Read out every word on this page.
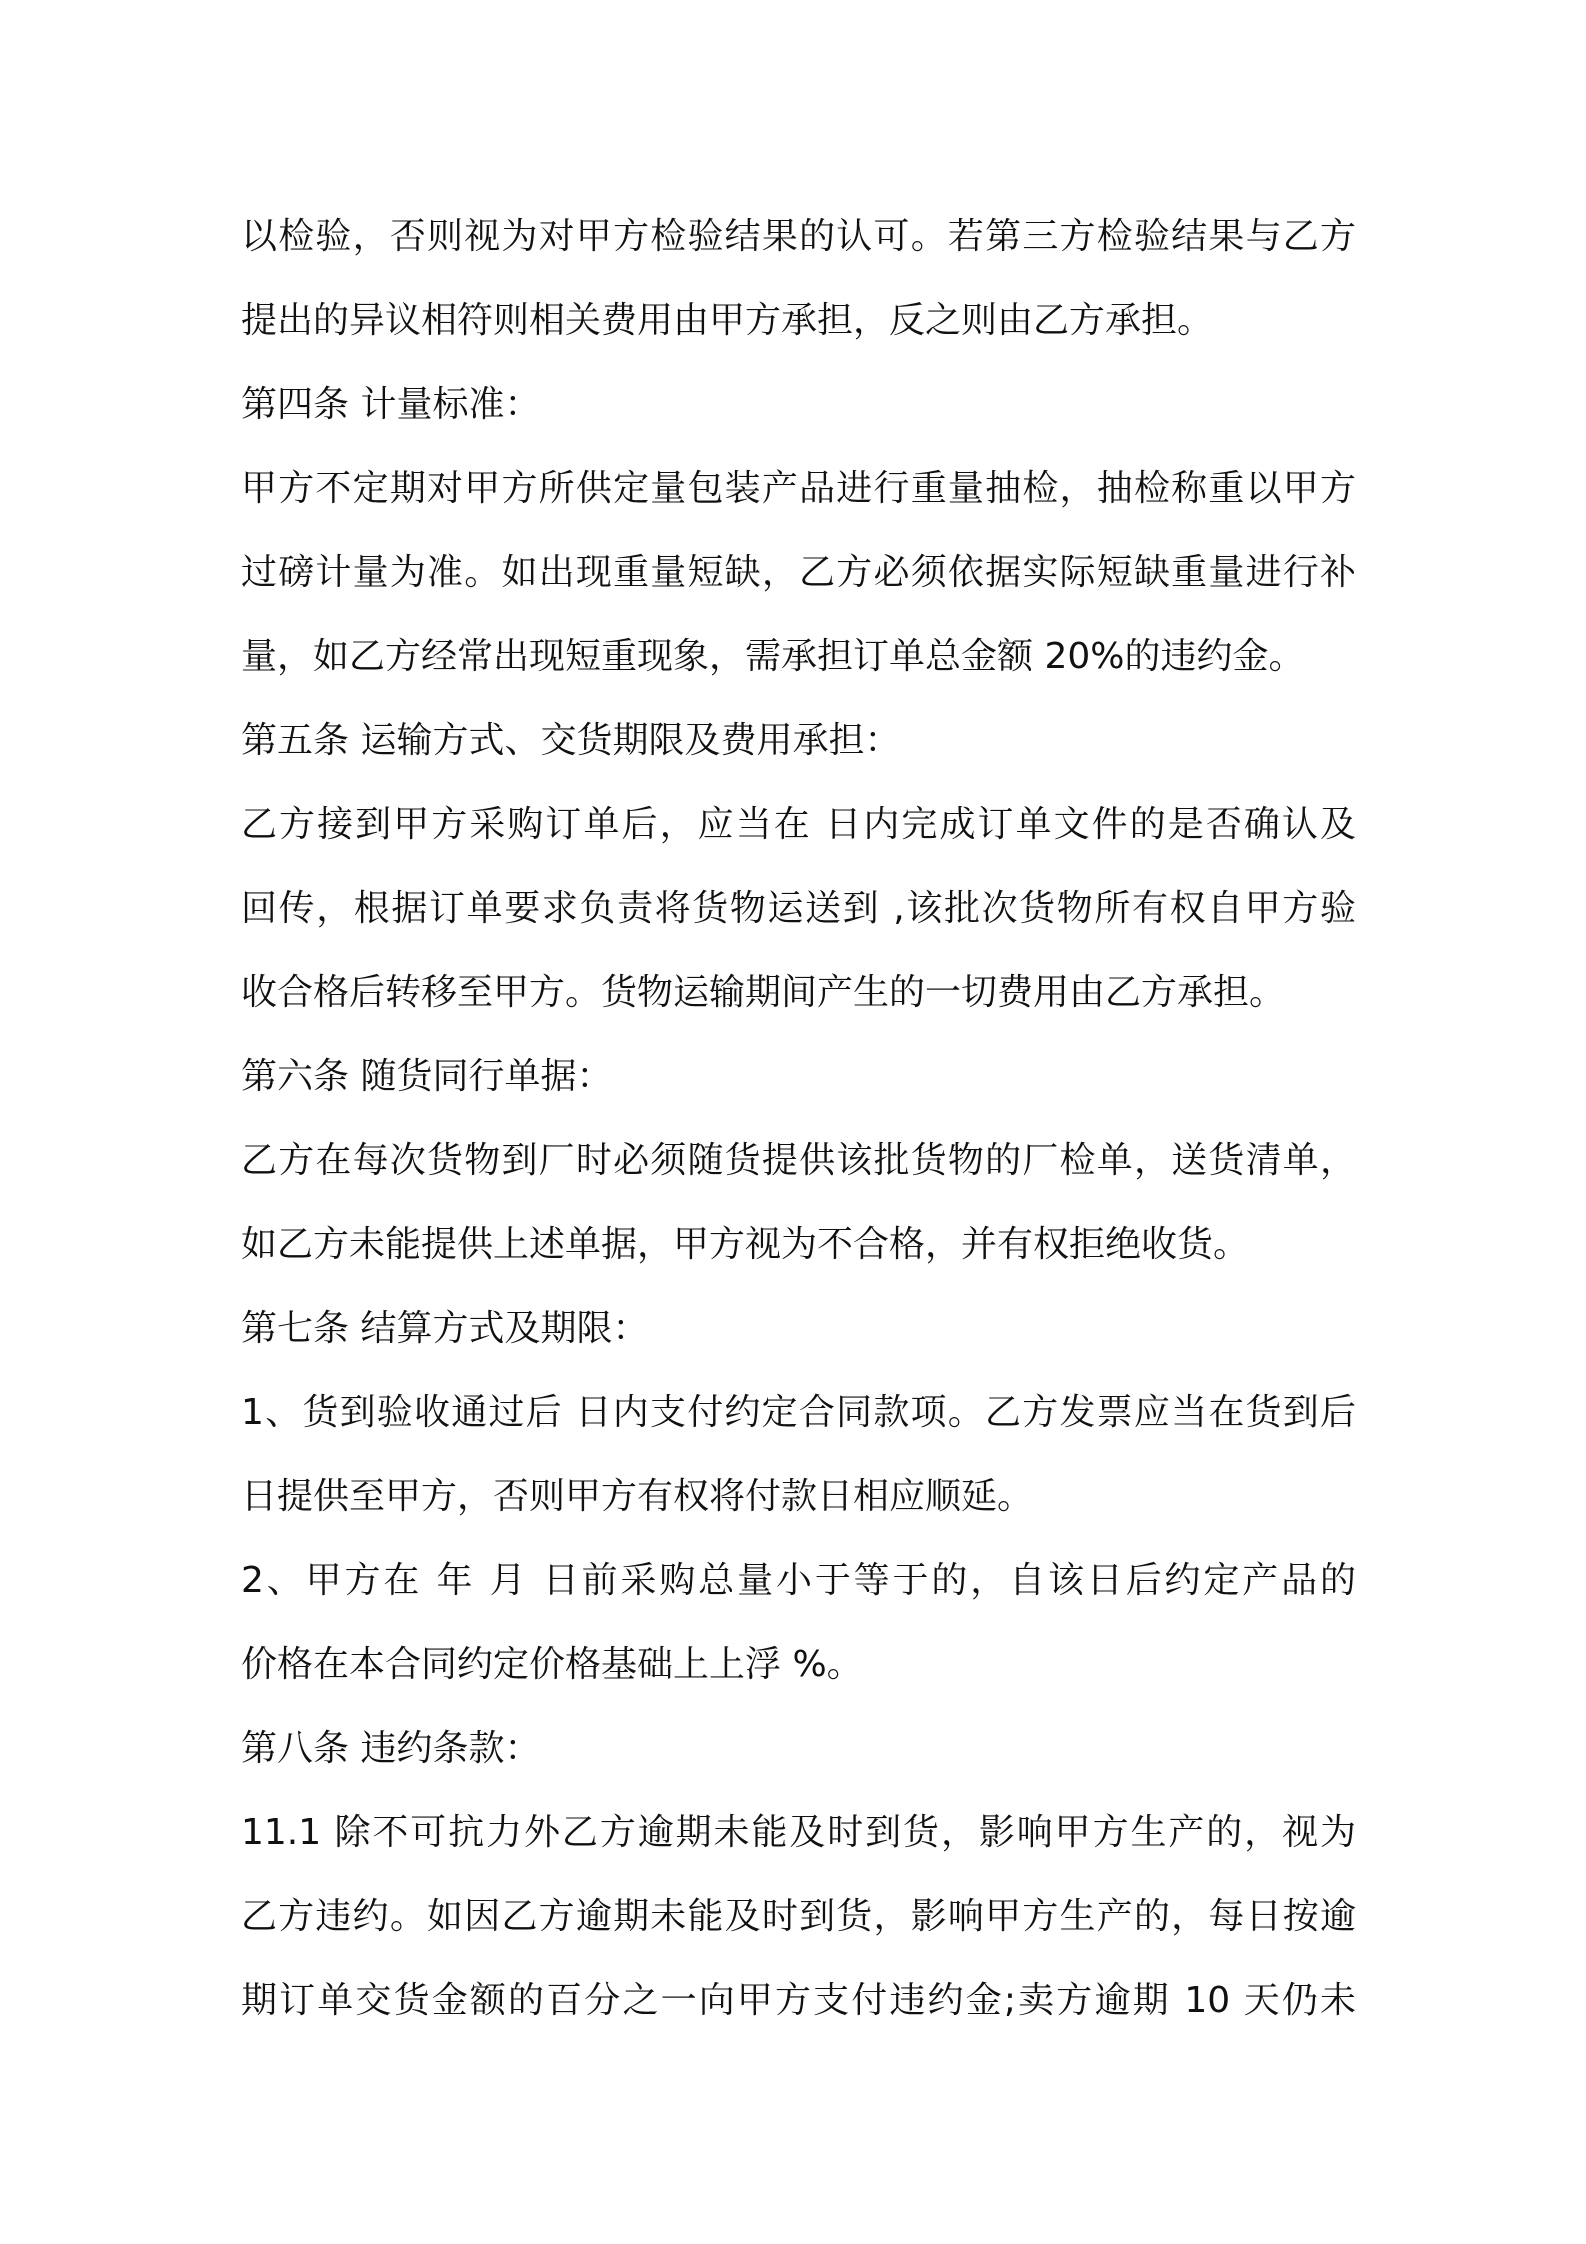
以检验，否则视为对甲方检验结果的认可。若第三方检验结果与乙方
提出的异议相符则相关费用由甲方承担，反之则由乙方承担。
第四条 计量标准：
甲方不定期对甲方所供定量包装产品进行重量抽检，抽检称重以甲方
过磅计量为准。如出现重量短缺，乙方必须依据实际短缺重量进行补
量，如乙方经常出现短重现象，需承担订单总金额 20%的违约金。
第五条 运输方式、交货期限及费用承担：
乙方接到甲方采购订单后，应当在 日内完成订单文件的是否确认及
回传，根据订单要求负责将货物运送到 ,该批次货物所有权自甲方验
收合格后转移至甲方。货物运输期间产生的一切费用由乙方承担。
第六条 随货同行单据：
乙方在每次货物到厂时必须随货提供该批货物的厂检单，送货清单，
如乙方未能提供上述单据，甲方视为不合格，并有权拒绝收货。
第七条 结算方式及期限：
1、货到验收通过后 日内支付约定合同款项。乙方发票应当在货到后
日提供至甲方，否则甲方有权将付款日相应顺延。
2、甲方在 年 月 日前采购总量小于等于的，自该日后约定产品的
价格在本合同约定价格基础上上浮 %。
第八条 违约条款：
11.1 除不可抗力外乙方逾期未能及时到货，影响甲方生产的，视为
乙方违约。如因乙方逾期未能及时到货，影响甲方生产的，每日按逾
期订单交货金额的百分之一向甲方支付违约金;卖方逾期 10 天仍未
